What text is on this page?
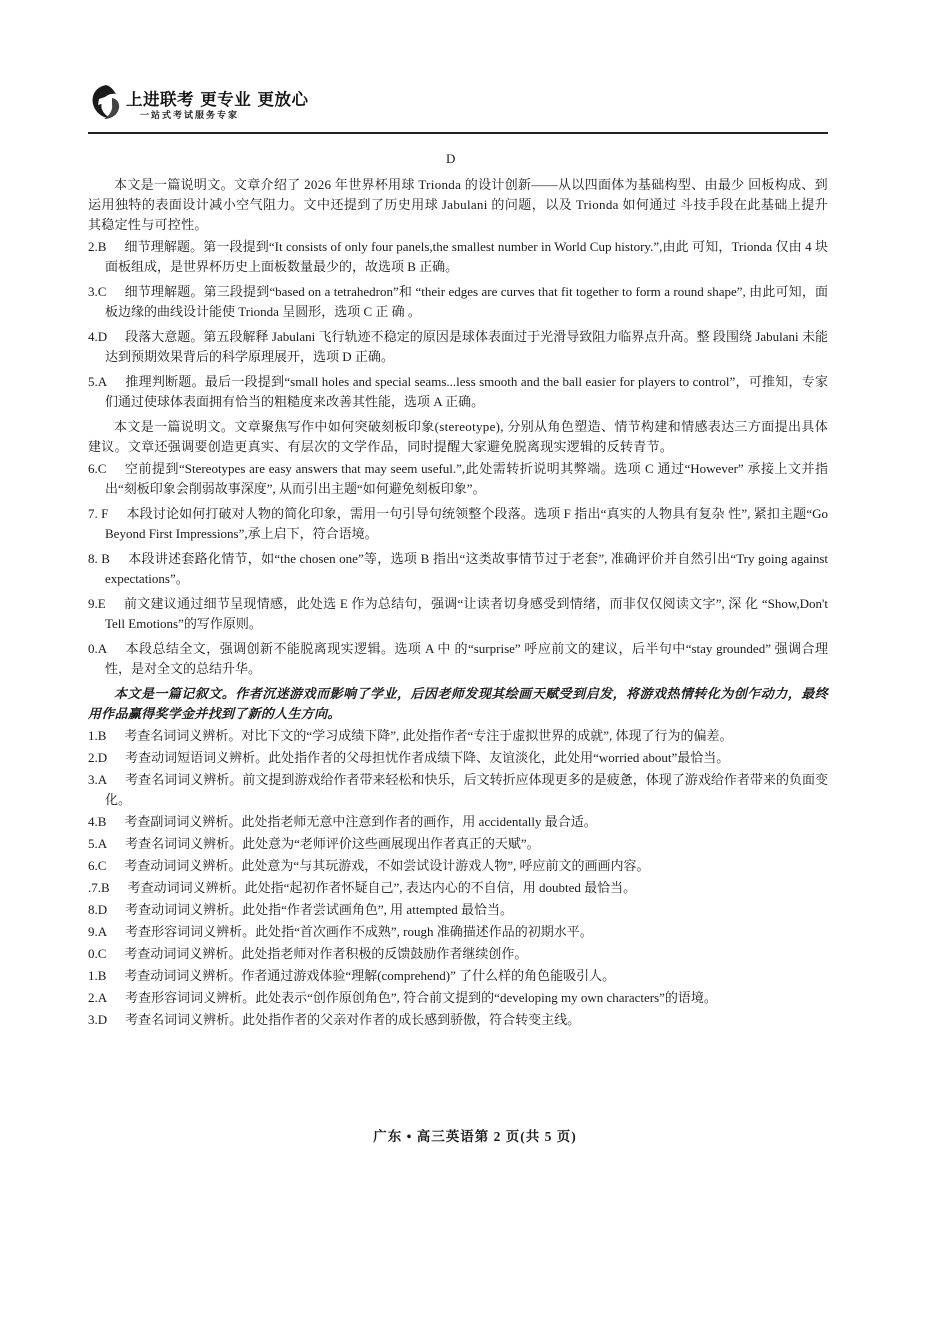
上进联考 更专业 更放心
一站式考试服务专家
D
本文是一篇说明文。文章介绍了 2026 年世界杯用球 Trionda 的设计创新——从以四面体为基础构型、由最少 回板构成、到运用独特的表面设计减小空气阻力。文中还提到了历史用球 Jabulani 的问题，以及 Trionda 如何通过 斗技手段在此基础上提升其稳定性与可控性。
2.B 细节理解题。第一段提到“It consists of only four panels,the smallest number in World Cup history.”,由此 可知，Trionda 仅由 4 块面板组成，是世界杯历史上面板数量最少的，故选项 B 正确。
3.C 细节理解题。第三段提到“based on a tetrahedron”和 “their edges are curves that fit together to form a round shape”, 由此可知，面板边缘的曲线设计能使 Trionda 呈圆形，选项 C 正 确 。
4.D 段落大意题。第五段解释 Jabulani 飞行轨迹不稳定的原因是球体表面过于光滑导致阻力临界点升高。整 段围绕 Jabulani 未能达到预期效果背后的科学原理展开，选项 D 正确。
5.A 推理判断题。最后一段提到“small holes and special seams...less smooth and the ball easier for players to control”，可推知，专家们通过使球体表面拥有恰当的粗糙度来改善其性能，选项 A 正确。
本文是一篇说明文。文章聚焦写作中如何突破刻板印象(stereotype), 分别从角色塑造、情节构建和情感表达三方面提出具体建议。文章还强调要创造更真实、有层次的文学作品，同时提醒大家避免脱离现实逻辑的反转青节。
6.C 空前提到“Stereotypes are easy answers that may seem useful.”,此处需转折说明其弊端。选项 C 通过“However” 承接上文并指出“刻板印象会削弱故事深度”, 从而引出主题“如何避免刻板印象”。
7. F 本段讨论如何打破对人物的简化印象，需用一句引导句统领整个段落。选项 F 指出“真实的人物具有复杂 性”, 紧扣主题“Go Beyond First Impressions”,承上启下，符合语境。
8. B 本段讲述套路化情节，如“the chosen one”等，选项 B 指出“这类故事情节过于老套”, 准确评价并自然引出“Try going against expectations”。
9.E 前文建议通过细节呈现情感，此处选 E 作为总结句，强调“让读者切身感受到情绪，而非仅仅阅读文字”, 深 化 “Show,Don't Tell Emotions”的写作原则。
0.A 本段总结全文，强调创新不能脱离现实逻辑。选项 A 中 的“surprise” 呼应前文的建议，后半句中“stay grounded” 强调合理性，是对全文的总结升华。
本文是一篇记叙文。作者沉迷游戏而影响了学业，后因老师发现其绘画天赋受到启发，将游戏热情转化为创乍动力，最终用作品赢得奖学金并找到了新的人生方向。
1.B 考查名词词义辨析。对比下文的“学习成绩下降”, 此处指作者“专注于虚拟世界的成就”, 体现了行为的偏差。
2.D 考查动词短语词义辨析。此处指作者的父母担忧作者成绩下降、友谊淡化，此处用“worried about”最恰当。
3.A 考查名词词义辨析。前文提到游戏给作者带来轻松和快乐，后文转折应体现更多的是疲惫，体现了游戏给作者带来的负面变化。
4.B 考查副词词义辨析。此处指老师无意中注意到作者的画作，用 accidentally 最合适。
5.A 考查名词词义辨析。此处意为“老师评价这些画展现出作者真正的天赋”。
6.C 考查动词词义辨析。此处意为“与其玩游戏，不如尝试设计游戏人物”, 呼应前文的画画内容。
.7.B 考查动词词义辨析。此处指“起初作者怀疑自己”, 表达内心的不自信，用 doubted 最恰当。
8.D 考查动词词义辨析。此处指“作者尝试画角色”, 用 attempted 最恰当。
9.A 考查形容词词义辨析。此处指“首次画作不成熟”, rough 准确描述作品的初期水平。
0.C 考查动词词义辨析。此处指老师对作者积极的反馈鼓励作者继续创作。
1.B 考查动词词义辨析。作者通过游戏体验“理解(comprehend)” 了什么样的角色能吸引人。
2.A 考查形容词词义辨析。此处表示“创作原创角色”, 符合前文提到的“developing my own characters”的语境。
3.D 考查名词词义辨析。此处指作者的父亲对作者的成长感到骄傲，符合转变主线。
广东 • 高三英语第 2 页(共 5 页)
